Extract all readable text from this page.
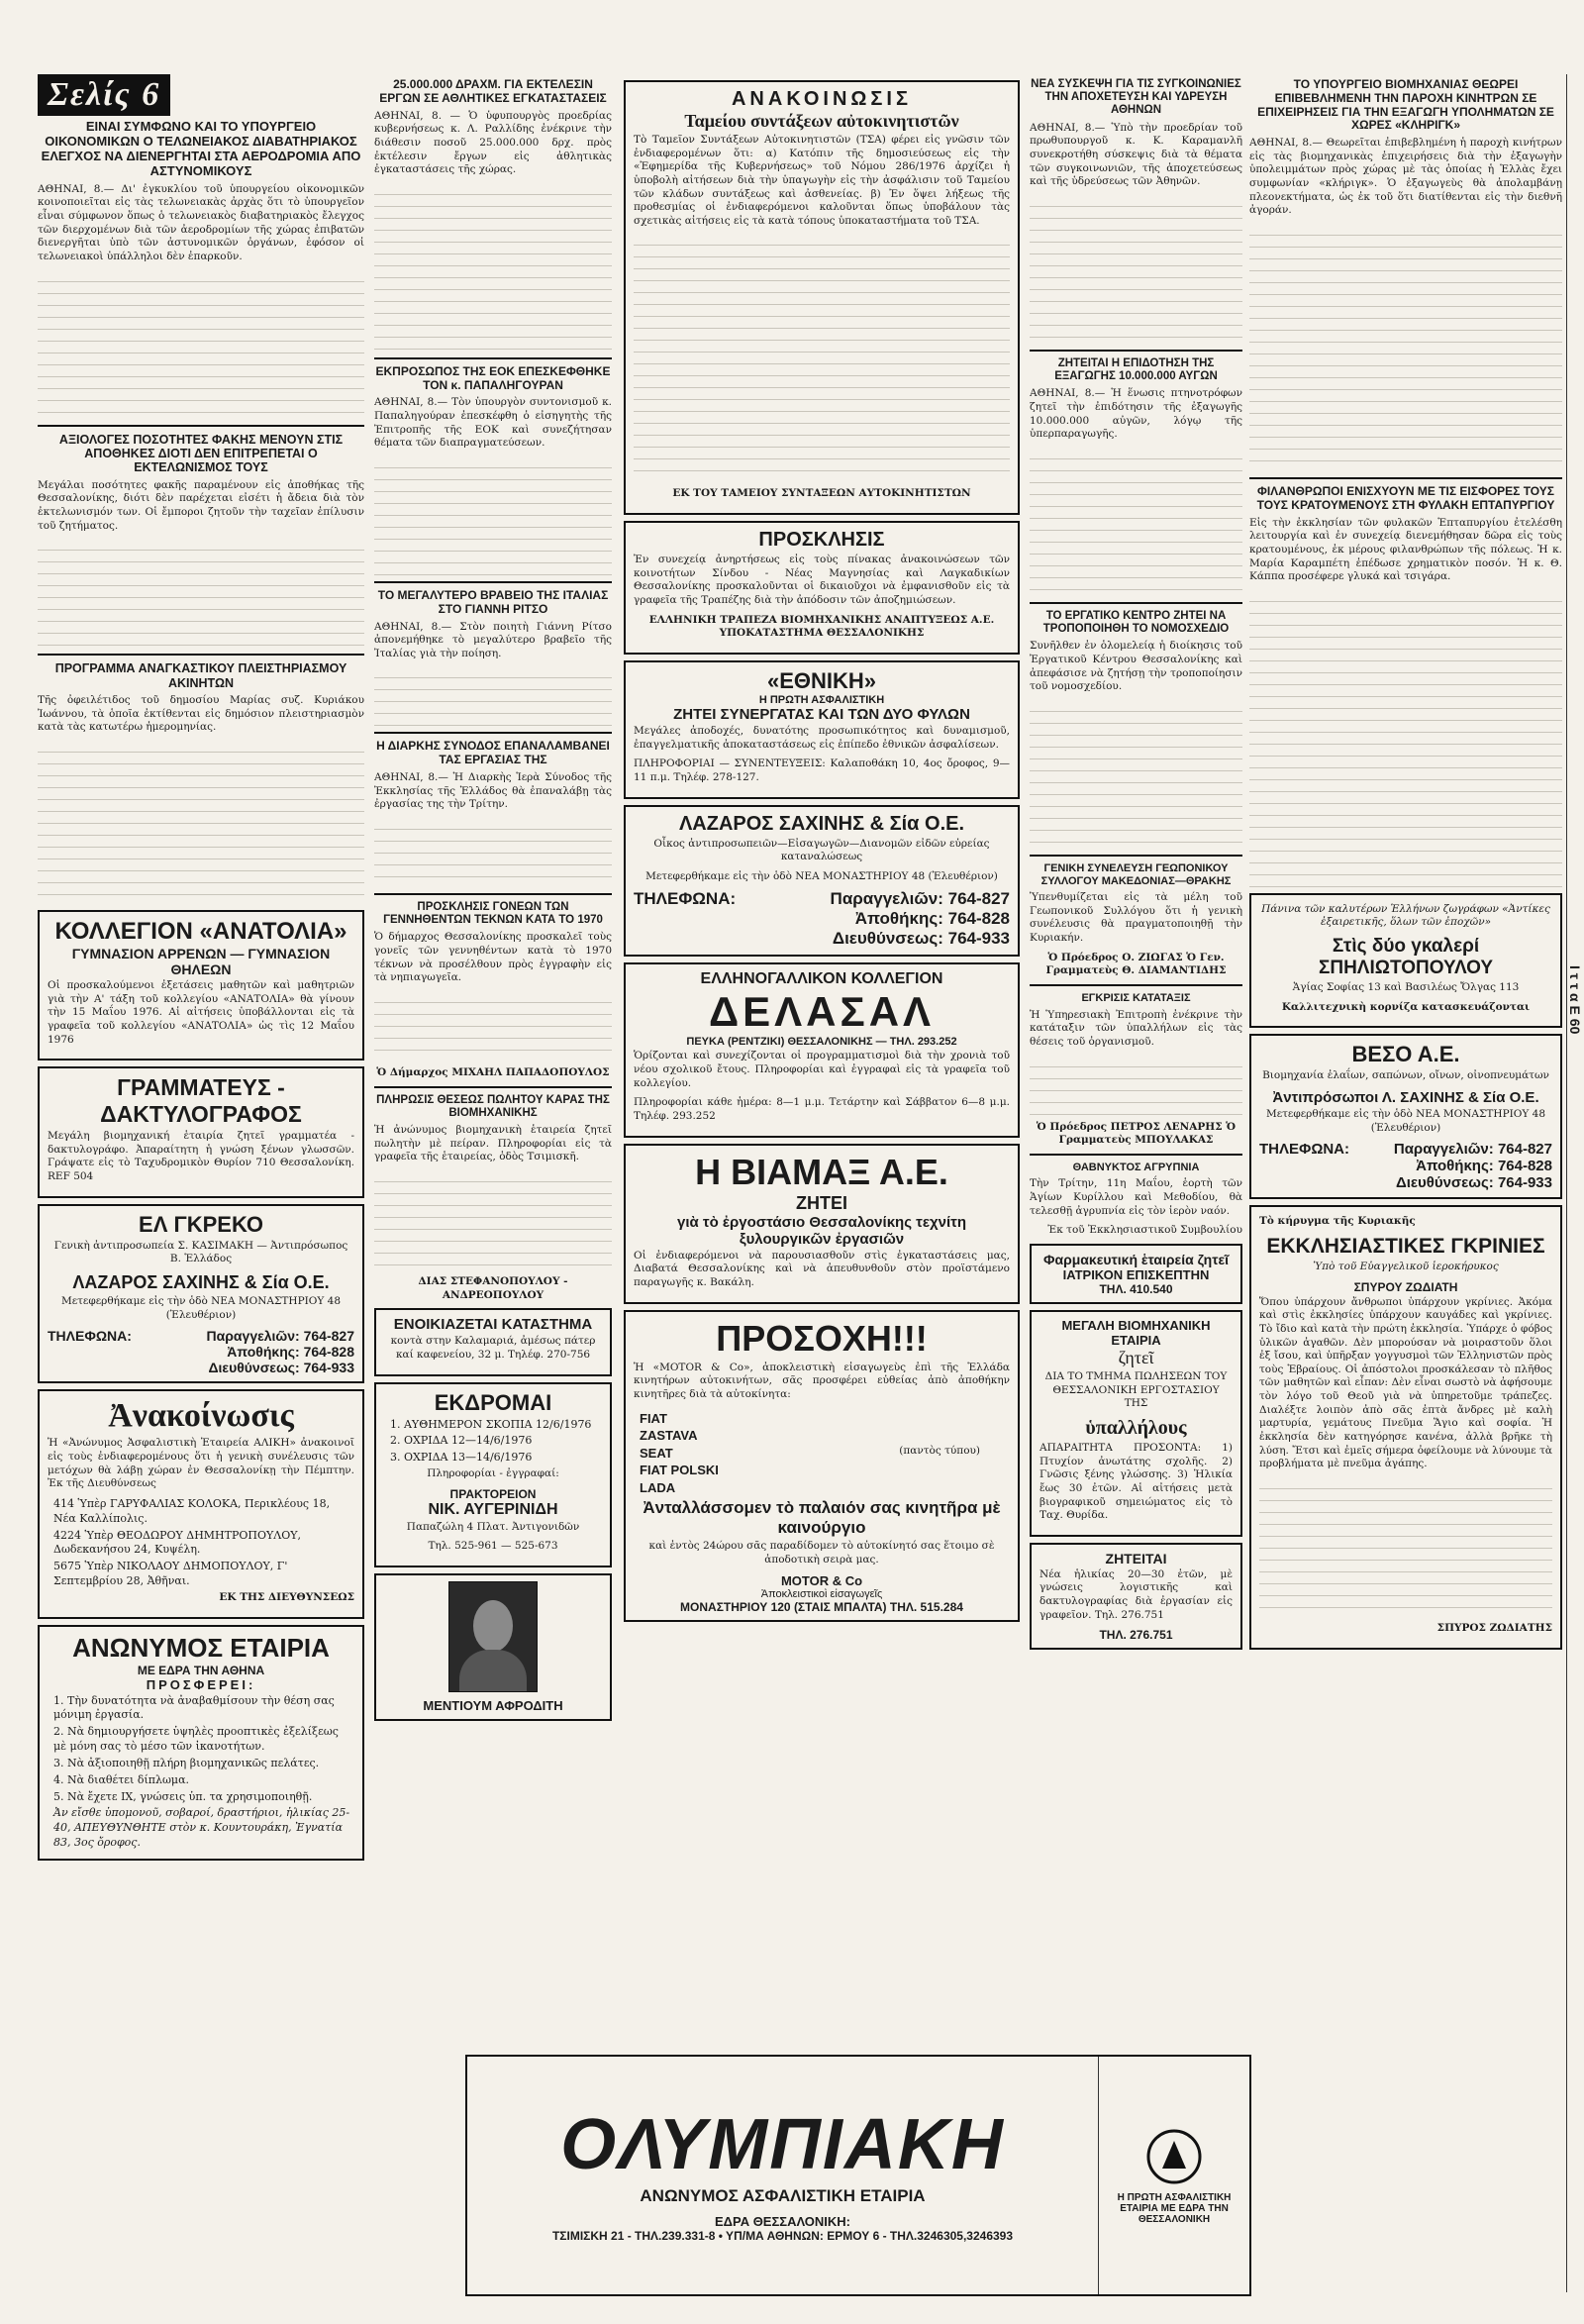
Σελίς 6
ΕΙΝΑΙ ΣΥΜΦΩΝΟ ΚΑΙ ΤΟ ΥΠΟΥΡΓΕΙΟ ΟΙΚΟΝΟΜΙΚΩΝ Ο ΤΕΛΩΝΕΙΑΚΟΣ ΔΙΑΒΑΤΗΡΙΑΚΟΣ ΕΛΕΓΧΟΣ ΝΑ ΔΙΕΝΕΡΓΗΤΑΙ ΣΤΑ ΑΕΡΟΔΡΟΜΙΑ ΑΠΟ ΑΣΤΥΝΟΜΙΚΟΥΣ
ΑΘΗΝΑΙ, 8.— Δι' ἐγκυκλίου τοῦ ὑπουργείου οἰκονομικῶν κοινοποιεῖται εἰς τὰς τελωνειακὰς ἀρχὰς ὅτι τὸ ὑπουργεῖον εἶναι σύμφωνον ὅπως ὁ τελωνειακὸς διαβατηριακὸς ἔλεγχος τῶν διερχομένων διὰ τῶν ἀεροδρομίων τῆς χώρας ἐπιβατῶν διενεργῆται ὑπὸ τῶν ἀστυνομικῶν ὀργάνων, ἐφόσον οἱ τελωνειακοὶ ὑπάλληλοι δὲν ἐπαρκοῦν.
ΑΞΙΟΛΟΓΕΣ ΠΟΣΟΤΗΤΕΣ ΦΑΚΗΣ ΜΕΝΟΥΝ ΣΤΙΣ ΑΠΟΘΗΚΕΣ ΔΙΟΤΙ ΔΕΝ ΕΠΙΤΡΕΠΕΤΑΙ Ο ΕΚΤΕΛΩΝΙΣΜΟΣ ΤΟΥΣ
Μεγάλαι ποσότητες φακῆς παραμένουν εἰς ἀποθήκας τῆς Θεσσαλονίκης, διότι δὲν παρέχεται εἰσέτι ἡ ἄδεια διὰ τὸν ἐκτελωνισμόν των. Οἱ ἔμποροι ζητοῦν τὴν ταχεῖαν ἐπίλυσιν τοῦ ζητήματος.
ΠΡΟΓΡΑΜΜΑ ΑΝΑΓΚΑΣΤΙΚΟΥ ΠΛΕΙΣΤΗΡΙΑΣΜΟΥ ΑΚΙΝΗΤΩΝ
Τῆς ὀφειλέτιδος τοῦ δημοσίου Μαρίας συζ. Κυριάκου Ἰωάννου, τὰ ὁποῖα ἐκτίθενται εἰς δημόσιον πλειστηριασμὸν κατὰ τὰς κατωτέρω ἡμερομηνίας.
ΚΟΛΛΕΓΙΟΝ «ΑΝΑΤΟΛΙΑ»
ΓΥΜΝΑΣΙΟΝ ΑΡΡΕΝΩΝ — ΓΥΜΝΑΣΙΟΝ ΘΗΛΕΩΝ
Οἱ προσκαλούμενοι ἐξετάσεις μαθητῶν καὶ μαθητριῶν γιὰ τὴν Α' τάξη τοῦ κολλεγίου «ΑΝΑΤΟΛΙΑ» θὰ γίνουν τὴν 15 Μαΐου 1976. Αἱ αἰτήσεις ὑποβάλλονται εἰς τὰ γραφεῖα τοῦ κολλεγίου «ΑΝΑΤΟΛΙΑ» ὡς τὶς 12 Μαΐου 1976
ΓΡΑΜΜΑΤΕΥΣ - ΔΑΚΤΥΛΟΓΡΑΦΟΣ
Μεγάλη βιομηχανική ἑταιρία ζητεῖ γραμματέα - δακτυλογράφο. Ἀπαραίτητη ἡ γνώση ξένων γλωσσῶν. Γράψατε εἰς τὸ Ταχυδρομικὸν Θυρίον 710 Θεσσαλονίκη. REF 504
ΕΛ ΓΚΡΕΚΟ
Γενικὴ ἀντιπροσωπεία Σ. ΚΑΣΙΜΑΚΗ — Ἀντιπρόσωπος Β. Ἑλλάδος
ΛΑΖΑΡΟΣ ΣΑΧΙΝΗΣ & Σία Ο.Ε.
Μετεφερθήκαμε εἰς τὴν ὁδὸ ΝΕΑ ΜΟΝΑΣΤΗΡΙΟΥ 48 (Ἐλευθέριον)
ΤΗΛΕΦΩΝΑ:	Παραγγελιῶν: 764-827
Ἀποθήκης: 764-828
Διευθύνσεως: 764-933
Ἀνακοίνωσις
Ἡ «Ἀνώνυμος Ἀσφαλιστικὴ Ἑταιρεία ΑΛΙΚΗ» ἀνακοινοῖ εἰς τοὺς ἐνδιαφερομένους ὅτι ἡ γενικὴ συνέλευσις τῶν μετόχων θὰ λάβῃ χώραν ἐν Θεσσαλονίκῃ τὴν Πέμπτην. Ἐκ τῆς Διευθύνσεως
414 Ὑπὲρ ΓΑΡΥΦΑΛΙΑΣ ΚΟΛΟΚΑ, Περικλέους 18, Νέα Καλλίπολις.
4224 Ὑπὲρ ΘΕΟΔΩΡΟΥ ΔΗΜΗΤΡΟΠΟΥΛΟΥ, Δωδεκανήσου 24, Κυψέλη.
5675 Ὑπὲρ ΝΙΚΟΛΑΟΥ ΔΗΜΟΠΟΥΛΟΥ, Γ' Σεπτεμβρίου 28, Ἀθῆναι.
ΕΚ ΤΗΣ ΔΙΕΥΘΥΝΣΕΩΣ
ΑΝΩΝΥΜΟΣ ΕΤΑΙΡΙΑ
ΜΕ ΕΔΡΑ ΤΗΝ ΑΘΗΝΑ
ΠΡΟΣΦΕΡΕΙ:
1. Τὴν δυνατότητα νὰ ἀναβαθμίσουν τὴν θέση σας μόνιμη ἐργασία.
2. Νὰ δημιουργήσετε ὑψηλὲς προοπτικὲς ἐξελίξεως μὲ μόνη σας τὸ μέσο τῶν ἱκανοτήτων.
3. Νὰ ἀξιοποιηθῇ πλήρη βιομηχανικῶς πελάτες.
4. Νὰ διαθέτει δίπλωμα.
5. Νὰ ἔχετε ΙΧ, γνώσεις ὑπ. τα χρησιμοποιηθῇ.
Ἀν εἴσθε ὑπομονοῦ, σοβαροί, δραστήριοι, ἡλικίας 25-40, ΑΠΕΥΘΥΝΘΗΤΕ στὸν κ. Κουντουράκη, Ἐγνατία 83, 3ος ὄροφος.
25.000.000 ΔΡΑΧΜ. ΓΙΑ ΕΚΤΕΛΕΣΙΝ ΕΡΓΩΝ ΣΕ ΑΘΛΗΤΙΚΕΣ ΕΓΚΑΤΑΣΤΑΣΕΙΣ
ΑΘΗΝΑΙ, 8. — Ὁ ὑφυπουργὸς προεδρίας κυβερνήσεως κ. Λ. Ραλλίδης ἐνέκρινε τὴν διάθεσιν ποσοῦ 25.000.000 δρχ. πρὸς ἐκτέλεσιν ἔργων εἰς ἀθλητικὰς ἐγκαταστάσεις τῆς χώρας.
ΕΚΠΡΟΣΩΠΟΣ ΤΗΣ ΕΟΚ ΕΠΕΣΚΕΦΘΗΚΕ ΤΟΝ κ. ΠΑΠΑΛΗΓΟΥΡΑΝ
ΑΘΗΝΑΙ, 8.— Τὸν ὑπουργὸν συντονισμοῦ κ. Παπαληγούραν ἐπεσκέφθη ὁ εἰσηγητὴς τῆς Ἐπιτροπῆς τῆς ΕΟΚ καὶ συνεζήτησαν θέματα τῶν διαπραγματεύσεων.
ΤΟ ΜΕΓΑΛΥΤΕΡΟ ΒΡΑΒΕΙΟ ΤΗΣ ΙΤΑΛΙΑΣ ΣΤΟ ΓΙΑΝΝΗ ΡΙΤΣΟ
ΑΘΗΝΑΙ, 8.— Στὸν ποιητὴ Γιάννη Ρίτσο ἀπονεμήθηκε τὸ μεγαλύτερο βραβεῖο τῆς Ἰταλίας γιὰ τὴν ποίηση.
Η ΔΙΑΡΚΗΣ ΣΥΝΟΔΟΣ ΕΠΑΝΑΛΑΜΒΑΝΕΙ ΤΑΣ ΕΡΓΑΣΙΑΣ ΤΗΣ
ΑΘΗΝΑΙ, 8.— Ἡ Διαρκὴς Ἱερὰ Σύνοδος τῆς Ἐκκλησίας τῆς Ἑλλάδος θὰ ἐπαναλάβῃ τὰς ἐργασίας της τὴν Τρίτην.
ΠΡΟΣΚΛΗΣΙΣ ΓΟΝΕΩΝ ΤΩΝ ΓΕΝΝΗΘΕΝΤΩΝ ΤΕΚΝΩΝ ΚΑΤΑ ΤΟ 1970
Ὁ δήμαρχος Θεσσαλονίκης προσκαλεῖ τοὺς γονεῖς τῶν γεννηθέντων κατὰ τὸ 1970 τέκνων νὰ προσέλθουν πρὸς ἐγγραφὴν εἰς τὰ νηπιαγωγεῖα.
Ὁ Δήμαρχος ΜΙΧΑΗΛ ΠΑΠΑΔΟΠΟΥΛΟΣ
ΠΛΗΡΩΣΙΣ ΘΕΣΕΩΣ ΠΩΛΗΤΟΥ ΚΑΡΑΣ ΤΗΣ ΒΙΟΜΗΧΑΝΙΚΗΣ
Ἡ ἀνώνυμος βιομηχανικὴ ἑταιρεία ζητεῖ πωλητὴν μὲ πείραν. Πληροφορίαι εἰς τὰ γραφεῖα τῆς ἑταιρείας, ὁδὸς Τσιμισκῆ.
ΔΙΑΣ ΣΤΕΦΑΝΟΠΟΥΛΟΥ - ΑΝΔΡΕΟΠΟΥΛΟΥ
ΕΝΟΙΚΙΑΖΕΤΑΙ ΚΑΤΑΣΤΗΜΑ
κοντὰ στην Καλαμαριά, ἀμέσως πάτερ καί καφενείου, 32 μ. Τηλέφ. 270-756
ΕΚΔΡΟΜΑΙ
1. ΑΥΘΗΜΕΡΟΝ ΣΚΟΠΙΑ 12/6/1976
2. ΟΧΡΙΔΑ 12—14/6/1976
3. ΟΧΡΙΔΑ 13—14/6/1976
Πληροφορίαι - ἐγγραφαί:
ΠΡΑΚΤΟΡΕΙΟΝ
ΝΙΚ. ΑΥΓΕΡΙΝΙΔΗ
Παπαζώλη 4 Πλατ. Ἀντιγονιδῶν
Τηλ. 525-961 — 525-673
ΜΕΝΤΙΟΥΜ ΑΦΡΟΔΙΤΗ
ΑΝΑΚΟΙΝΩΣΙΣ
Ταμείου συντάξεων αὐτοκινητιστῶν
Τὸ Ταμεῖον Συντάξεων Αὐτοκινητιστῶν (ΤΣΑ) φέρει εἰς γνῶσιν τῶν ἐνδιαφερομένων ὅτι: α) Κατόπιν τῆς δημοσιεύσεως εἰς τὴν «Ἐφημερίδα τῆς Κυβερνήσεως» τοῦ Νόμου 286/1976 ἀρχίζει ἡ ὑποβολὴ αἰτήσεων διὰ τὴν ὑπαγωγὴν εἰς τὴν ἀσφάλισιν τοῦ Ταμείου τῶν κλάδων συντάξεως καὶ ἀσθενείας. β) Ἐν ὅψει λήξεως τῆς προθεσμίας οἱ ἐνδιαφερόμενοι καλοῦνται ὅπως ὑποβάλουν τὰς σχετικὰς αἰτήσεις εἰς τὰ κατὰ τόπους ὑποκαταστήματα τοῦ ΤΣΑ.
ΕΚ ΤΟΥ ΤΑΜΕΙΟΥ ΣΥΝΤΑΞΕΩΝ ΑΥΤΟΚΙΝΗΤΙΣΤΩΝ
ΠΡΟΣΚΛΗΣΙΣ
Ἐν συνεχείᾳ ἀνηρτήσεως εἰς τοὺς πίνακας ἀνακοινώσεων τῶν κοινοτήτων Σίνδου - Νέας Μαγνησίας καὶ Λαγκαδικίων Θεσσαλονίκης προσκαλοῦνται οἱ δικαιοῦχοι νὰ ἐμφανισθοῦν εἰς τὰ γραφεῖα τῆς Τραπέζης διὰ τὴν ἀπόδοσιν τῶν ἀποζημιώσεων.
ΕΛΛΗΝΙΚΗ ΤΡΑΠΕΖΑ ΒΙΟΜΗΧΑΝΙΚΗΣ ΑΝΑΠΤΥΞΕΩΣ Α.Ε. ΥΠΟΚΑΤΑΣΤΗΜΑ ΘΕΣΣΑΛΟΝΙΚΗΣ
«ΕΘΝΙΚΗ»
Η ΠΡΩΤΗ ΑΣΦΑΛΙΣΤΙΚΗ
ΖΗΤΕΙ ΣΥΝΕΡΓΑΤΑΣ ΚΑΙ ΤΩΝ ΔΥΟ ΦΥΛΩΝ
Μεγάλες ἀποδοχές, δυνατότης προσωπικότητος καὶ δυναμισμοῦ, ἐπαγγελματικῆς ἀποκαταστάσεως εἰς ἐπίπεδο ἐθνικῶν ἀσφαλίσεων.
ΠΛΗΡΟΦΟΡΙΑΙ — ΣΥΝΕΝΤΕΥΞΕΙΣ: Καλαποθάκη 10, 4ος ὄροφος, 9—11 π.μ. Τηλέφ. 278-127.
ΛΑΖΑΡΟΣ ΣΑΧΙΝΗΣ & Σία Ο.Ε.
Οἶκος ἀντιπροσωπειῶν—Εἰσαγωγῶν—Διανομῶν εἰδῶν εὐρείας καταναλώσεως
Μετεφερθήκαμε εἰς τὴν ὁδὸ ΝΕΑ ΜΟΝΑΣΤΗΡΙΟΥ 48 (Ἐλευθέριον)
ΤΗΛΕΦΩΝΑ:	Παραγγελιῶν: 764-827
Ἀποθήκης: 764-828
Διευθύνσεως: 764-933
ΕΛΛΗΝΟΓΑΛΛΙΚΟΝ ΚΟΛΛΕΓΙΟΝ
ΔΕΛΑΣΑΛ
ΠΕΥΚΑ (ΡΕΝΤΖΙΚΙ) ΘΕΣΣΑΛΟΝΙΚΗΣ — ΤΗΛ. 293.252
Ὁρίζονται καὶ συνεχίζονται οἱ προγραμματισμοὶ διὰ τὴν χρονιὰ τοῦ νέου σχολικοῦ ἔτους. Πληροφορίαι καὶ ἐγγραφαὶ εἰς τὰ γραφεῖα τοῦ κολλεγίου.
Πληροφορίαι κάθε ἡμέρα: 8—1 μ.μ. Τετάρτην καὶ Σάββατον 6—8 μ.μ. Τηλέφ. 293.252
Η ΒΙΑΜΑΞ Α.Ε.
ΖΗΤΕΙ
γιὰ τὸ ἐργοστάσιο Θεσσαλονίκης τεχνίτη ξυλουργικῶν ἐργασιῶν
Οἱ ἐνδιαφερόμενοι νὰ παρουσιασθοῦν στὶς ἐγκαταστάσεις μας, Διαβατά Θεσσαλονίκης καὶ νὰ ἀπευθυνθοῦν στὸν προϊστάμενο παραγωγῆς κ. Βακάλη.
ΠΡΟΣΟΧΗ!!!
Ἡ «MOTOR & Co», ἀποκλειστικὴ εἰσαγωγεὺς ἐπὶ τῆς Ἑλλάδα κινητήρων αὐτοκινήτων, σᾶς προσφέρει εὐθείας ἀπὸ ἀποθήκην κινητῆρες διὰ τὰ αὐτοκίνητα:
FIAT
ZASTAVA
SEAT
FIAT POLSKI
LADA
(παντὸς τύπου)
Ἀνταλλάσσομεν τὸ παλαιόν σας κινητῆρα μὲ καινούργιο
καὶ ἐντὸς 24ώρου σᾶς παραδίδομεν τὸ αὐτοκίνητό σας ἕτοιμο σὲ ἀποδοτικὴ σειρὰ μας.
MOTOR & Co
Ἀποκλειστικοὶ εἰσαγωγεῖς
ΜΟΝΑΣΤΗΡΙΟΥ 120 (ΣΤΑΙΣ ΜΠΑΛΤΑ) ΤΗΛ. 515.284
ΝΕΑ ΣΥΣΚΕΨΗ ΓΙΑ ΤΙΣ ΣΥΓΚΟΙΝΩΝΙΕΣ ΤΗΝ ΑΠΟΧΕΤΕΥΣΗ ΚΑΙ ΥΔΡΕΥΣΗ ΑΘΗΝΩΝ
ΑΘΗΝΑΙ, 8.— Ὑπὸ τὴν προεδρίαν τοῦ πρωθυπουργοῦ κ. Κ. Καραμανλῆ συνεκροτήθη σύσκεψις διὰ τὰ θέματα τῶν συγκοινωνιῶν, τῆς ἀποχετεύσεως καὶ τῆς ὑδρεύσεως τῶν Ἀθηνῶν.
ΖΗΤΕΙΤΑΙ Η ΕΠΙΔΟΤΗΣΗ ΤΗΣ ΕΞΑΓΩΓΗΣ 10.000.000 ΑΥΓΩΝ
ΑΘΗΝΑΙ, 8.— Ἡ ἕνωσις πτηνοτρόφων ζητεῖ τὴν ἐπιδότησιν τῆς ἐξαγωγῆς 10.000.000 αὐγῶν, λόγῳ τῆς ὑπερπαραγωγῆς.
ΤΟ ΕΡΓΑΤΙΚΟ ΚΕΝΤΡΟ ΖΗΤΕΙ ΝΑ ΤΡΟΠΟΠΟΙΗΘΗ ΤΟ ΝΟΜΟΣΧΕΔΙΟ
Συνῆλθεν ἐν ὁλομελείᾳ ἡ διοίκησις τοῦ Ἐργατικοῦ Κέντρου Θεσσαλονίκης καὶ ἀπεφάσισε νὰ ζητήσῃ τὴν τροποποίησιν τοῦ νομοσχεδίου.
ΓΕΝΙΚΗ ΣΥΝΕΛΕΥΣΗ ΓΕΩΠΟΝΙΚΟΥ ΣΥΛΛΟΓΟΥ ΜΑΚΕΔΟΝΙΑΣ—ΘΡΑΚΗΣ
Ὑπενθυμίζεται εἰς τὰ μέλη τοῦ Γεωπονικοῦ Συλλόγου ὅτι ἡ γενικὴ συνέλευσις θὰ πραγματοποιηθῇ τὴν Κυριακήν.
Ὁ Πρόεδρος Ο. ΖΙΩΓΑΣ Ὁ Γεν. Γραμματεὺς Θ. ΔΙΑΜΑΝΤΙΔΗΣ
ΕΓΚΡΙΣΙΣ ΚΑΤΑΤΑΞΙΣ
Ἡ Ὑπηρεσιακὴ Ἐπιτροπὴ ἐνέκρινε τὴν κατάταξιν τῶν ὑπαλλήλων εἰς τὰς θέσεις τοῦ ὀργανισμοῦ.
Ὁ Πρόεδρος ΠΕΤΡΟΣ ΛΕΝΑΡΗΣ Ὁ Γραμματεὺς ΜΠΟΥΛΑΚΑΣ
ΘΑΒΝΥΚΤΟΣ ΑΓΡΥΠΝΙΑ
Τὴν Τρίτην, 11η Μαΐου, ἑορτὴ τῶν Ἁγίων Κυρίλλου καὶ Μεθοδίου, θὰ τελεσθῇ ἀγρυπνία εἰς τὸν ἱερὸν ναόν.
Ἐκ τοῦ Ἐκκλησιαστικοῦ Συμβουλίου
Φαρμακευτική ἑταιρεία ζητεῖ
ΙΑΤΡΙΚΟΝ ΕΠΙΣΚΕΠΤΗΝ
ΤΗΛ. 410.540
ΜΕΓΑΛΗ ΒΙΟΜΗΧΑΝΙΚΗ ΕΤΑΙΡΙΑ
ζητεῖ
ΔΙΑ ΤΟ ΤΜΗΜΑ ΠΩΛΗΣΕΩΝ ΤΟΥ ΘΕΣΣΑΛΟΝΙΚΗ ΕΡΓΟΣΤΑΣΙΟΥ ΤΗΣ
ὑπαλλήλους
ΑΠΑΡΑΙΤΗΤΑ ΠΡΟΣΟΝΤΑ: 1) Πτυχίον ἀνωτάτης σχολῆς. 2) Γνῶσις ξένης γλώσσης. 3) Ἡλικία ἔως 30 ἐτῶν. Αἱ αἰτήσεις μετὰ βιογραφικοῦ σημειώματος εἰς τὸ Ταχ. Θυρίδα.
ΖΗΤΕΙΤΑΙ
Νέα ἡλικίας 20—30 ἐτῶν, μὲ γνώσεις λογιστικῆς καὶ δακτυλογραφίας διὰ ἐργασίαν εἰς γραφεῖον. Τηλ. 276.751
ΤΗΛ. 276.751
ΤΟ ΥΠΟΥΡΓΕΙΟ ΒΙΟΜΗΧΑΝΙΑΣ ΘΕΩΡΕΙ ΕΠΙΒΕΒΛΗΜΕΝΗ ΤΗΝ ΠΑΡΟΧΗ ΚΙΝΗΤΡΩΝ ΣΕ ΕΠΙΧΕΙΡΗΣΕΙΣ ΓΙΑ ΤΗΝ ΕΞΑΓΩΓΗ ΥΠΟΛΗΜΑΤΩΝ ΣΕ ΧΩΡΕΣ «ΚΛΗΡΙΓΚ»
ΑΘΗΝΑΙ, 8.— Θεωρεῖται ἐπιβεβλημένη ἡ παροχὴ κινήτρων εἰς τὰς βιομηχανικὰς ἐπιχειρήσεις διὰ τὴν ἐξαγωγὴν ὑπολειμμάτων πρὸς χώρας μὲ τὰς ὁποίας ἡ Ἑλλὰς ἔχει συμφωνίαν «κλήριγκ». Ὁ ἐξαγωγεὺς θὰ ἀπολαμβάνῃ πλεονεκτήματα, ὡς ἐκ τοῦ ὅτι διατίθενται εἰς τὴν διεθνῆ ἀγοράν.
ΦΙΛΑΝΘΡΩΠΟΙ ΕΝΙΣΧΥΟΥΝ ΜΕ ΤΙΣ ΕΙΣΦΟΡΕΣ ΤΟΥΣ ΤΟΥΣ ΚΡΑΤΟΥΜΕΝΟΥΣ ΣΤΗ ΦΥΛΑΚΗ ΕΠΤΑΠΥΡΓΙΟΥ
Εἰς τὴν ἐκκλησίαν τῶν φυλακῶν Ἑπταπυργίου ἐτελέσθη λειτουργία καὶ ἐν συνεχείᾳ διενεμήθησαν δῶρα εἰς τοὺς κρατουμένους, ἐκ μέρους φιλανθρώπων τῆς πόλεως. Ἡ κ. Μαρία Καραμπέτη ἐπέδωσε χρηματικὸν ποσόν. Ἡ κ. Θ. Κάππα προσέφερε γλυκά καὶ τσιγάρα.
Πάνινα τῶν καλυτέρων Ἑλλήνων ζωγράφων «Ἀντίκες ἐξαιρετικῆς, ὅλων τῶν ἐποχῶν»
Στὶς δύο γκαλερί ΣΠΗΛΙΩΤΟΠΟΥΛΟΥ
Ἁγίας Σοφίας 13 καὶ Βασιλέως Ὄλγας 113
Καλλιτεχνικὴ κορνίζα κατασκευάζονται
ΒΕΣΟ Α.Ε.
Βιομηχανία ἐλαΐων, σαπώνων, οἴνων, οἰνοπνευμάτων
Ἀντιπρόσωποι Λ. ΣΑΧΙΝΗΣ & Σία Ο.Ε.
Μετεφερθήκαμε εἰς τὴν ὁδὸ ΝΕΑ ΜΟΝΑΣΤΗΡΙΟΥ 48 (Ἐλευθέριον)
ΤΗΛΕΦΩΝΑ:	Παραγγελιῶν: 764-827
Ἀποθήκης: 764-828
Διευθύνσεως: 764-933
Τὸ κήρυγμα τῆς Κυριακῆς
ΕΚΚΛΗΣΙΑΣΤΙΚΕΣ ΓΚΡΙΝΙΕΣ
Ὑπὸ τοῦ Εὐαγγελικοῦ ἱεροκήρυκος
ΣΠΥΡΟΥ ΖΩΔΙΑΤΗ
Ὅπου ὑπάρχουν ἄνθρωποι ὑπάρχουν γκρίνιες. Ἀκόμα καὶ στὶς ἐκκλησίες ὑπάρχουν καυγάδες καὶ γκρίνιες. Τὸ ἴδιο καὶ κατὰ τὴν πρώτη ἐκκλησία. Ὑπάρχε ὁ φόβος ὑλικῶν ἀγαθῶν. Δὲν μπορούσαν νὰ μοιραστοῦν ὅλοι ἐξ ἴσου, καὶ ὑπῆρξαν γογγυσμοὶ τῶν Ἑλληνιστῶν πρὸς τοὺς Ἑβραίους. Οἱ ἀπόστολοι προσκάλεσαν τὸ πλῆθος τῶν μαθητῶν καὶ εἶπαν: Δὲν εἶναι σωστὸ νὰ ἀφήσουμε τὸν λόγο τοῦ Θεοῦ γιὰ νὰ ὑπηρετοῦμε τράπεζες. Διαλέξτε λοιπὸν ἀπὸ σᾶς ἐπτὰ ἄνδρες μὲ καλὴ μαρτυρία, γεμάτους Πνεῦμα Ἅγιο καὶ σοφία. Ἡ ἐκκλησία δὲν κατηγόρησε κανένα, ἀλλὰ βρῆκε τὴ λύση. Ἔτσι καὶ ἐμεῖς σήμερα ὀφείλουμε νὰ λύνουμε τὰ προβλήματα μὲ πνεῦμα ἀγάπης.
ΣΠΥΡΟΣ ΖΩΔΙΑΤΗΣ
Ι τ τ α Ε 60
ΟΛΥΜΠΙΑΚΗ
ΑΝΩΝΥΜΟΣ ΑΣΦΑΛΙΣΤΙΚΗ ΕΤΑΙΡΙΑ
ΕΔΡΑ ΘΕΣΣΑΛΟΝΙΚΗ:
ΤΣΙΜΙΣΚΗ 21 - ΤΗΛ.239.331-8 • ΥΠ/ΜΑ ΑΘΗΝΩΝ: ΕΡΜΟΥ 6 - ΤΗΛ.3246305,3246393
Η ΠΡΩΤΗ ΑΣΦΑΛΙΣΤΙΚΗ ΕΤΑΙΡΙΑ ΜΕ ΕΔΡΑ ΤΗΝ ΘΕΣΣΑΛΟΝΙΚΗ
